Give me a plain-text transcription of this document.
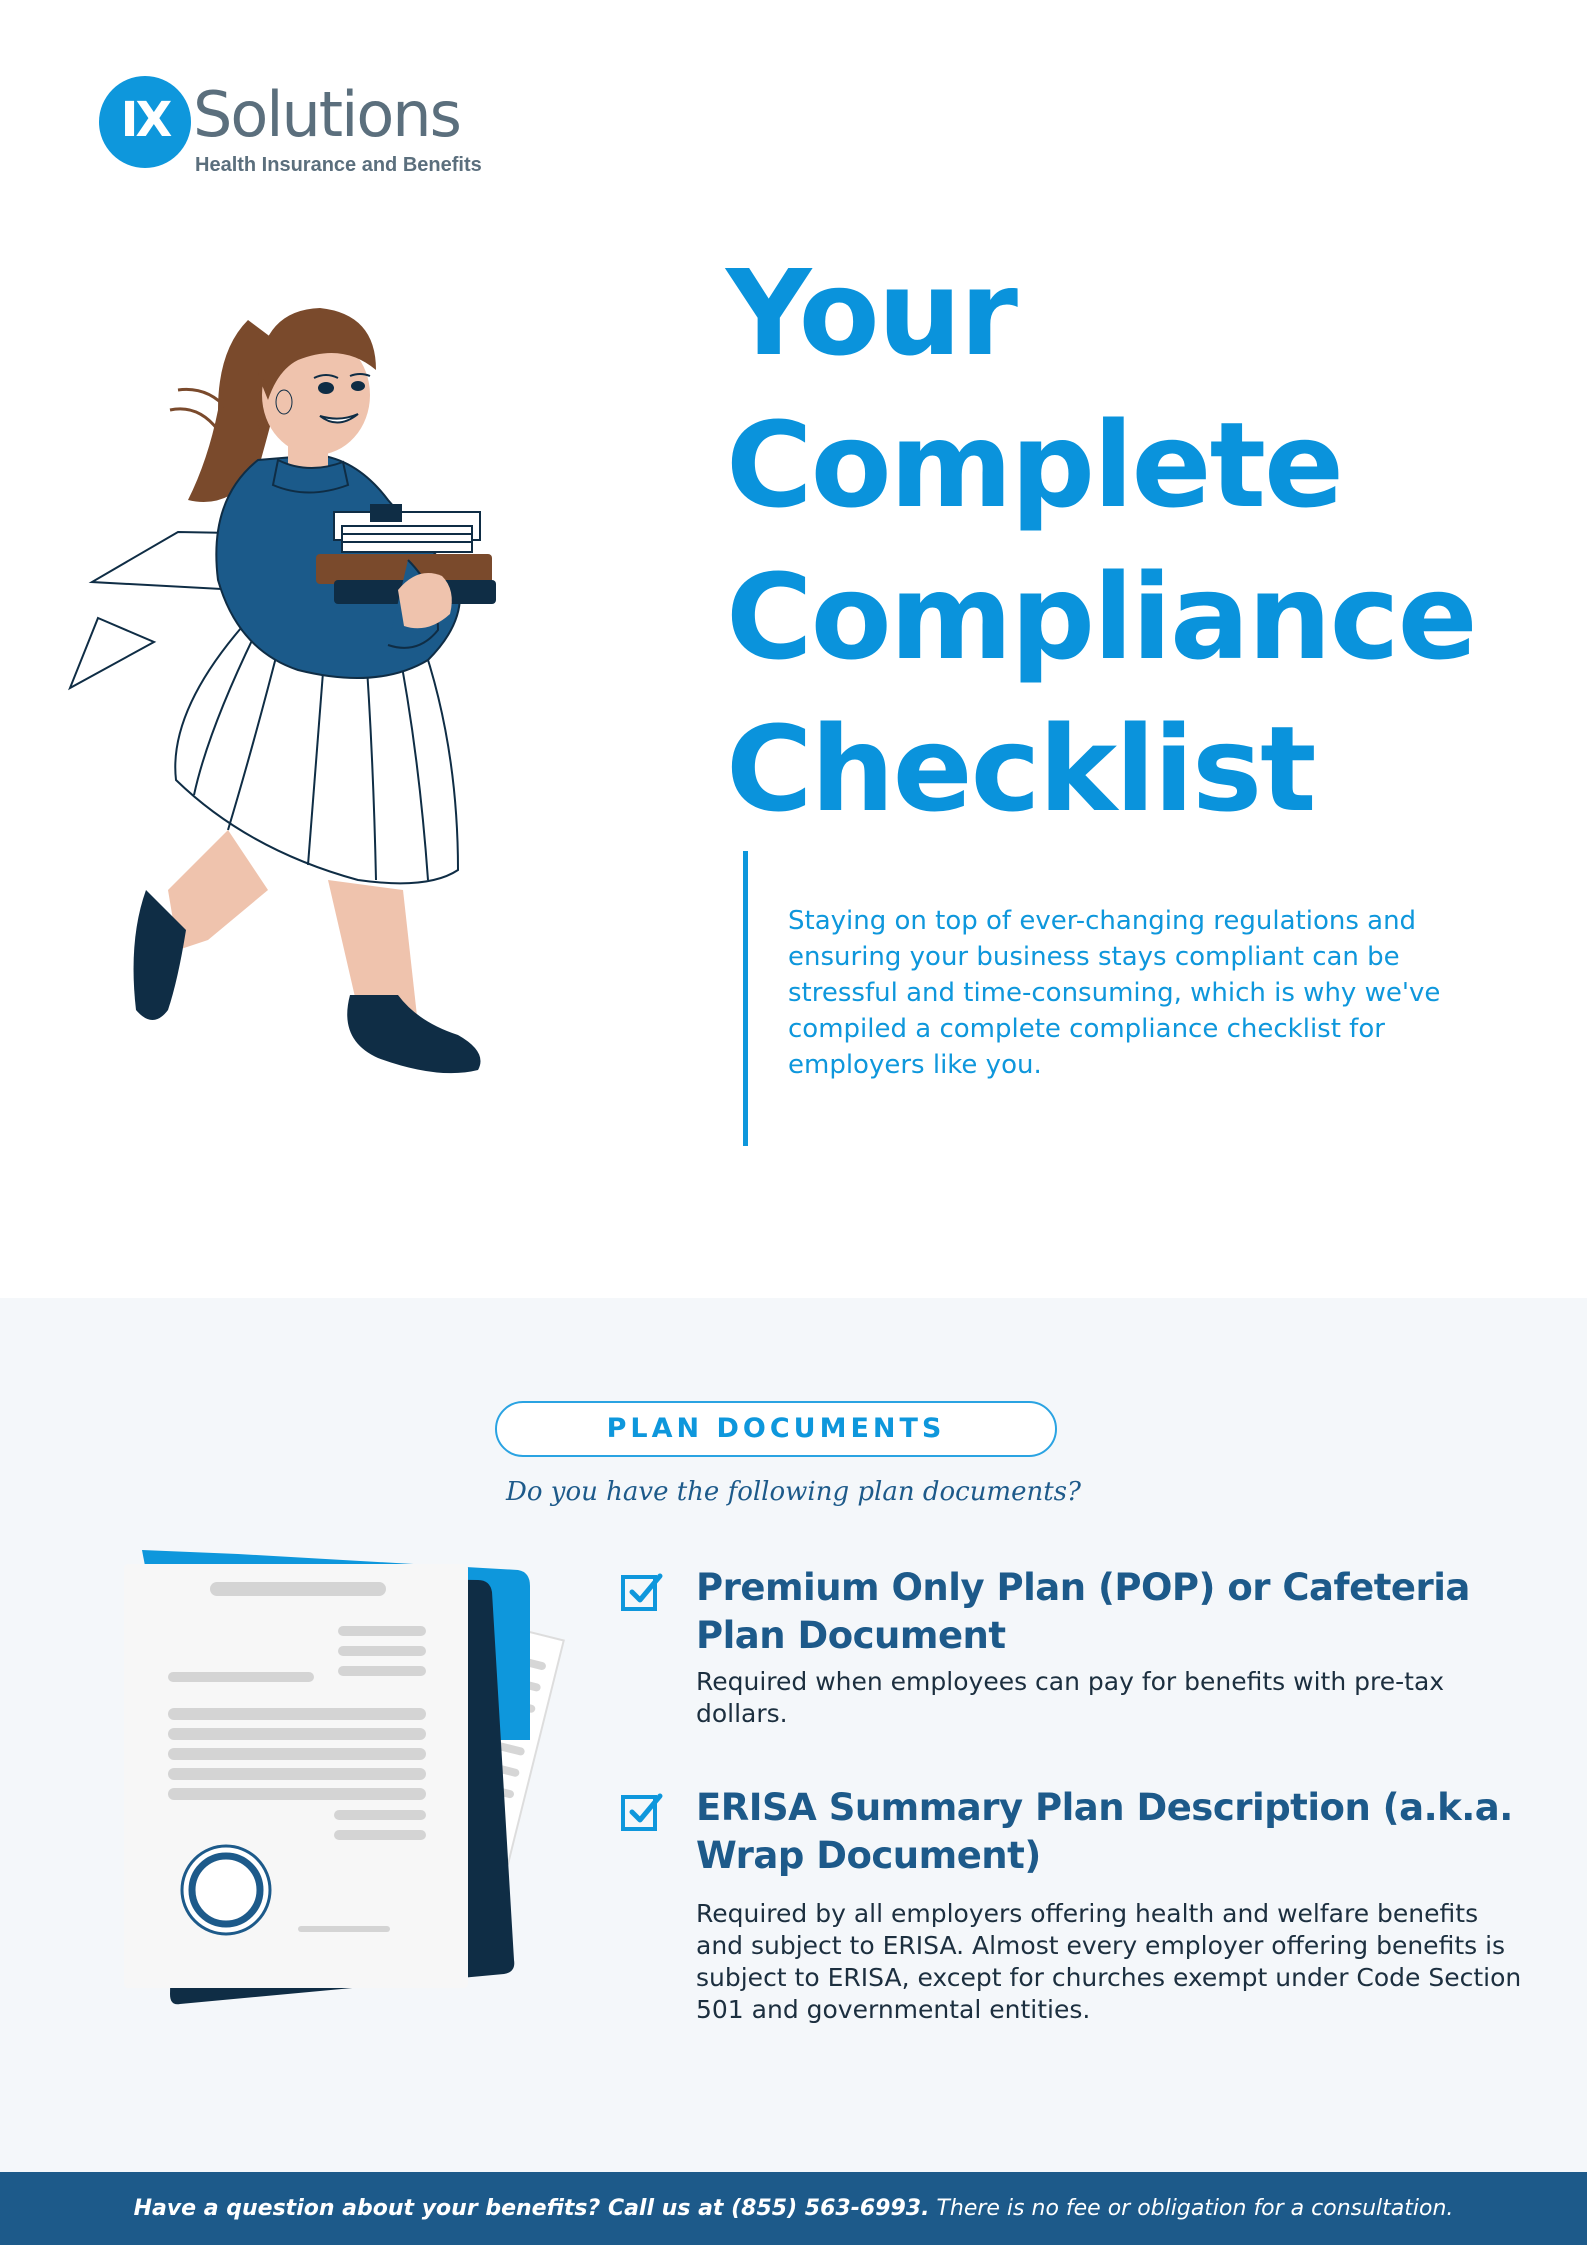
IX Solutions
Health Insurance and Benefits
Your
Complete
Compliance
Checklist

Staying on top of ever-changing regulations and ensuring your business stays compliant can be stressful and time-consuming, which is why we've compiled a complete compliance checklist for employers like you.

PLAN DOCUMENTS
Do you have the following plan documents?
Premium Only Plan (POP) or Cafeteria Plan Document
Required when employees can pay for benefits with pre-tax dollars.
ERISA Summary Plan Description (a.k.a. Wrap Document)
Required by all employers offering health and welfare benefits and subject to ERISA. Almost every employer offering benefits is subject to ERISA, except for churches exempt under Code Section 501 and governmental entities.
Have a question about your benefits? Call us at (855) 563-6993. There is no fee or obligation for a consultation.
